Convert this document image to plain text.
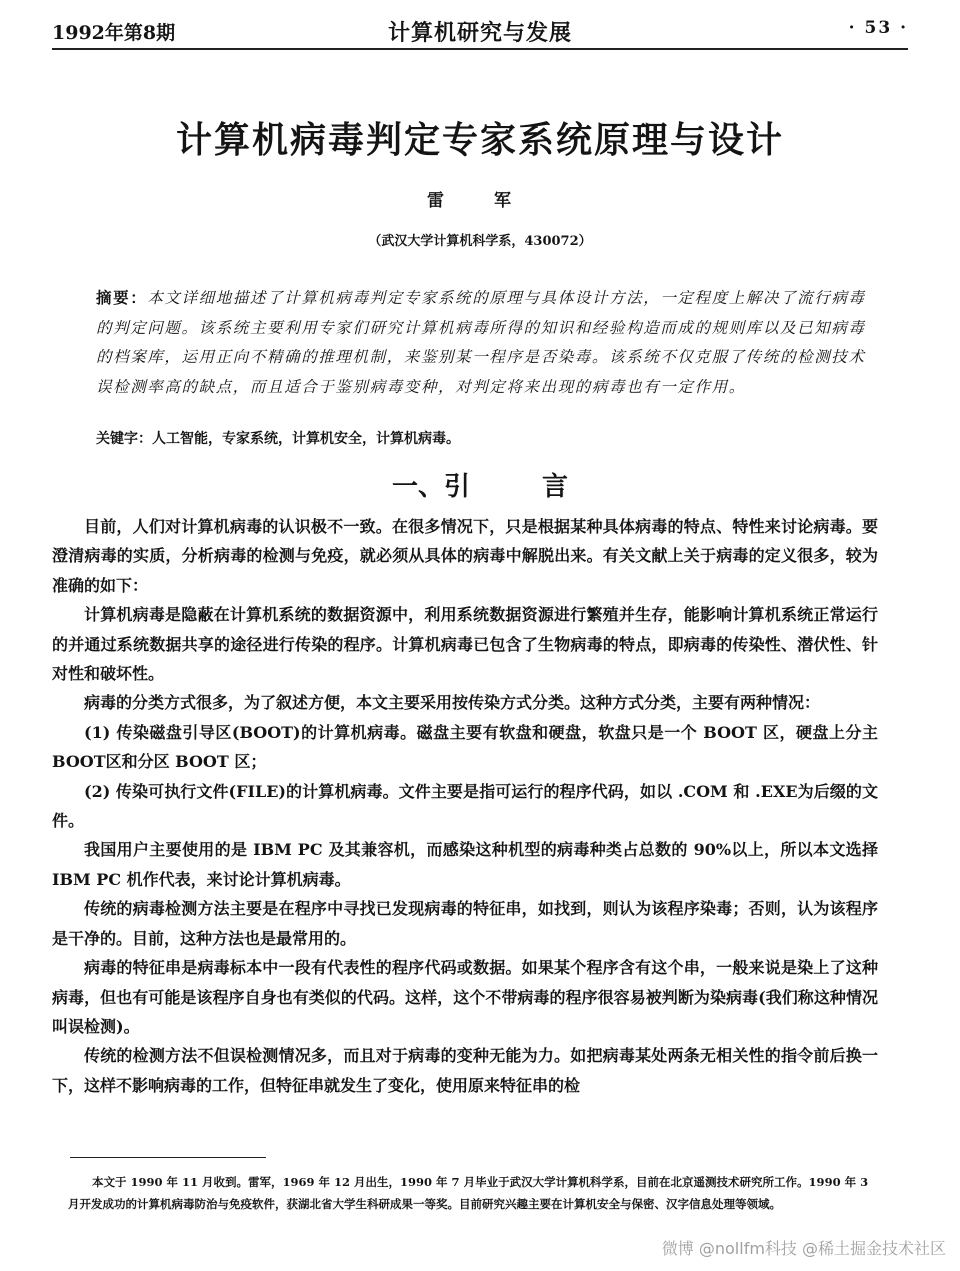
1992年第8期	计算机研究与发展	· 53 ·
计算机病毒判定专家系统原理与设计
雷 军
（武汉大学计算机科学系，430072）
摘要：本文详细地描述了计算机病毒判定专家系统的原理与具体设计方法，一定程度上解决了流行病毒的判定问题。该系统主要利用专家们研究计算机病毒所得的知识和经验构造而成的规则库以及已知病毒的档案库，运用正向不精确的推理机制，来鉴别某一程序是否染毒。该系统不仅克服了传统的检测技术误检测率高的缺点，而且适合于鉴别病毒变种，对判定将来出现的病毒也有一定作用。
关键字：人工智能，专家系统，计算机安全，计算机病毒。
一、引	言

目前，人们对计算机病毒的认识极不一致。在很多情况下，只是根据某种具体病毒的特点、特性来讨论病毒。要澄清病毒的实质，分析病毒的检测与免疫，就必须从具体的病毒中解脱出来。有关文献上关于病毒的定义很多，较为准确的如下：

计算机病毒是隐蔽在计算机系统的数据资源中，利用系统数据资源进行繁殖并生存，能影响计算机系统正常运行的并通过系统数据共享的途径进行传染的程序。计算机病毒已包含了生物病毒的特点，即病毒的传染性、潜伏性、针对性和破坏性。

病毒的分类方式很多，为了叙述方便，本文主要采用按传染方式分类。这种方式分类，主要有两种情况：

(1) 传染磁盘引导区(BOOT)的计算机病毒。磁盘主要有软盘和硬盘，软盘只是一个 BOOT 区，硬盘上分主 BOOT区和分区 BOOT 区；

(2) 传染可执行文件(FILE)的计算机病毒。文件主要是指可运行的程序代码，如以 .COM 和 .EXE为后缀的文件。

我国用户主要使用的是 IBM PC 及其兼容机，而感染这种机型的病毒种类占总数的 90%以上，所以本文选择 IBM PC 机作代表，来讨论计算机病毒。

传统的病毒检测方法主要是在程序中寻找已发现病毒的特征串，如找到，则认为该程序染毒；否则，认为该程序是干净的。目前，这种方法也是最常用的。

病毒的特征串是病毒标本中一段有代表性的程序代码或数据。如果某个程序含有这个串，一般来说是染上了这种病毒，但也有可能是该程序自身也有类似的代码。这样，这个不带病毒的程序很容易被判断为染病毒(我们称这种情况叫误检测)。

传统的检测方法不但误检测情况多，而且对于病毒的变种无能为力。如把病毒某处两条无相关性的指令前后换一下，这样不影响病毒的工作，但特征串就发生了变化，使用原来特征串的检

本文于 1990 年 11 月收到。雷军，1969 年 12 月出生，1990 年 7 月毕业于武汉大学计算机科学系，目前在北京遥测技术研究所工作。1990 年 3 月开发成功的计算机病毒防治与免疫软件，获湖北省大学生科研成果一等奖。目前研究兴趣主要在计算机安全与保密、汉字信息处理等领域。
微博 @nollfm科技 @稀土掘金技术社区
